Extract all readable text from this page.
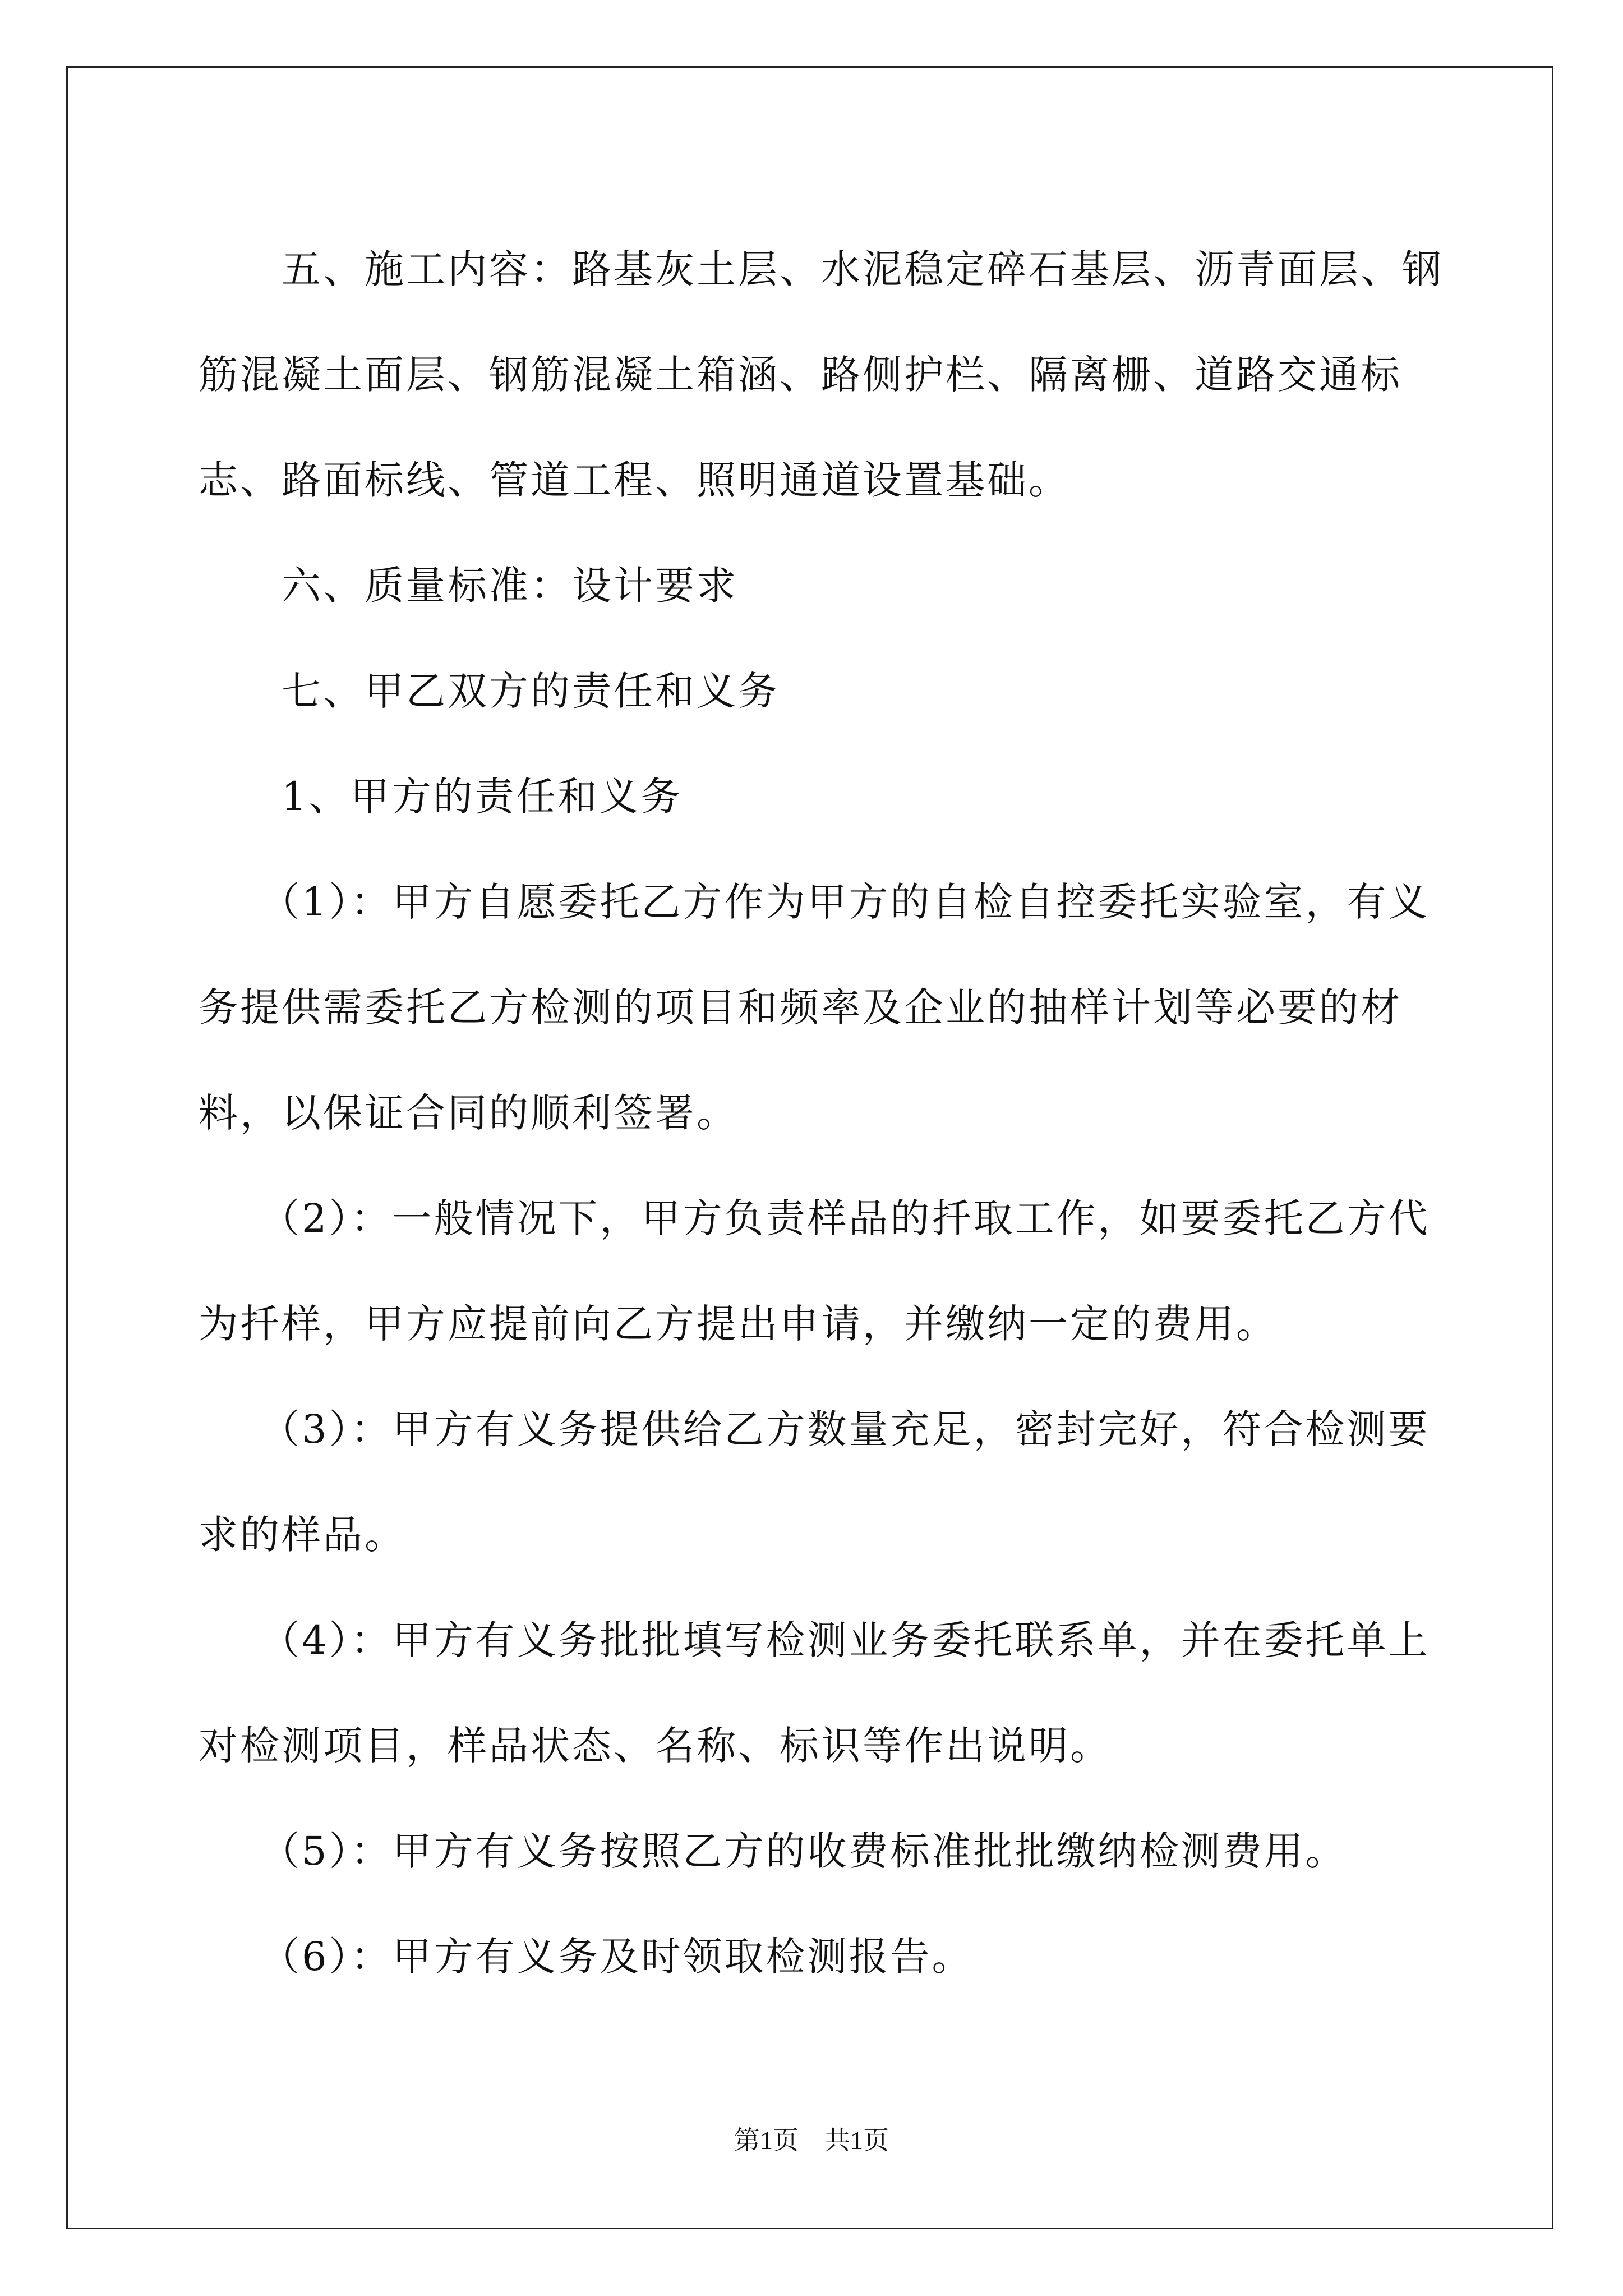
五、施工内容：路基灰土层、水泥稳定碎石基层、沥青面层、钢筋混凝土面层、钢筋混凝土箱涵、路侧护栏、隔离栅、道路交通标志、路面标线、管道工程、照明通道设置基础。

六、质量标准：设计要求

七、甲乙双方的责任和义务

1、甲方的责任和义务

（1）：甲方自愿委托乙方作为甲方的自检自控委托实验室，有义务提供需委托乙方检测的项目和频率及企业的抽样计划等必要的材料，以保证合同的顺利签署。

（2）：一般情况下，甲方负责样品的扦取工作，如要委托乙方代为扦样，甲方应提前向乙方提出申请，并缴纳一定的费用。

（3）：甲方有义务提供给乙方数量充足，密封完好，符合检测要求的样品。

（4）：甲方有义务批批填写检测业务委托联系单，并在委托单上对检测项目，样品状态、名称、标识等作出说明。

（5）：甲方有义务按照乙方的收费标准批批缴纳检测费用。

（6）：甲方有义务及时领取检测报告。

第1页　共1页
